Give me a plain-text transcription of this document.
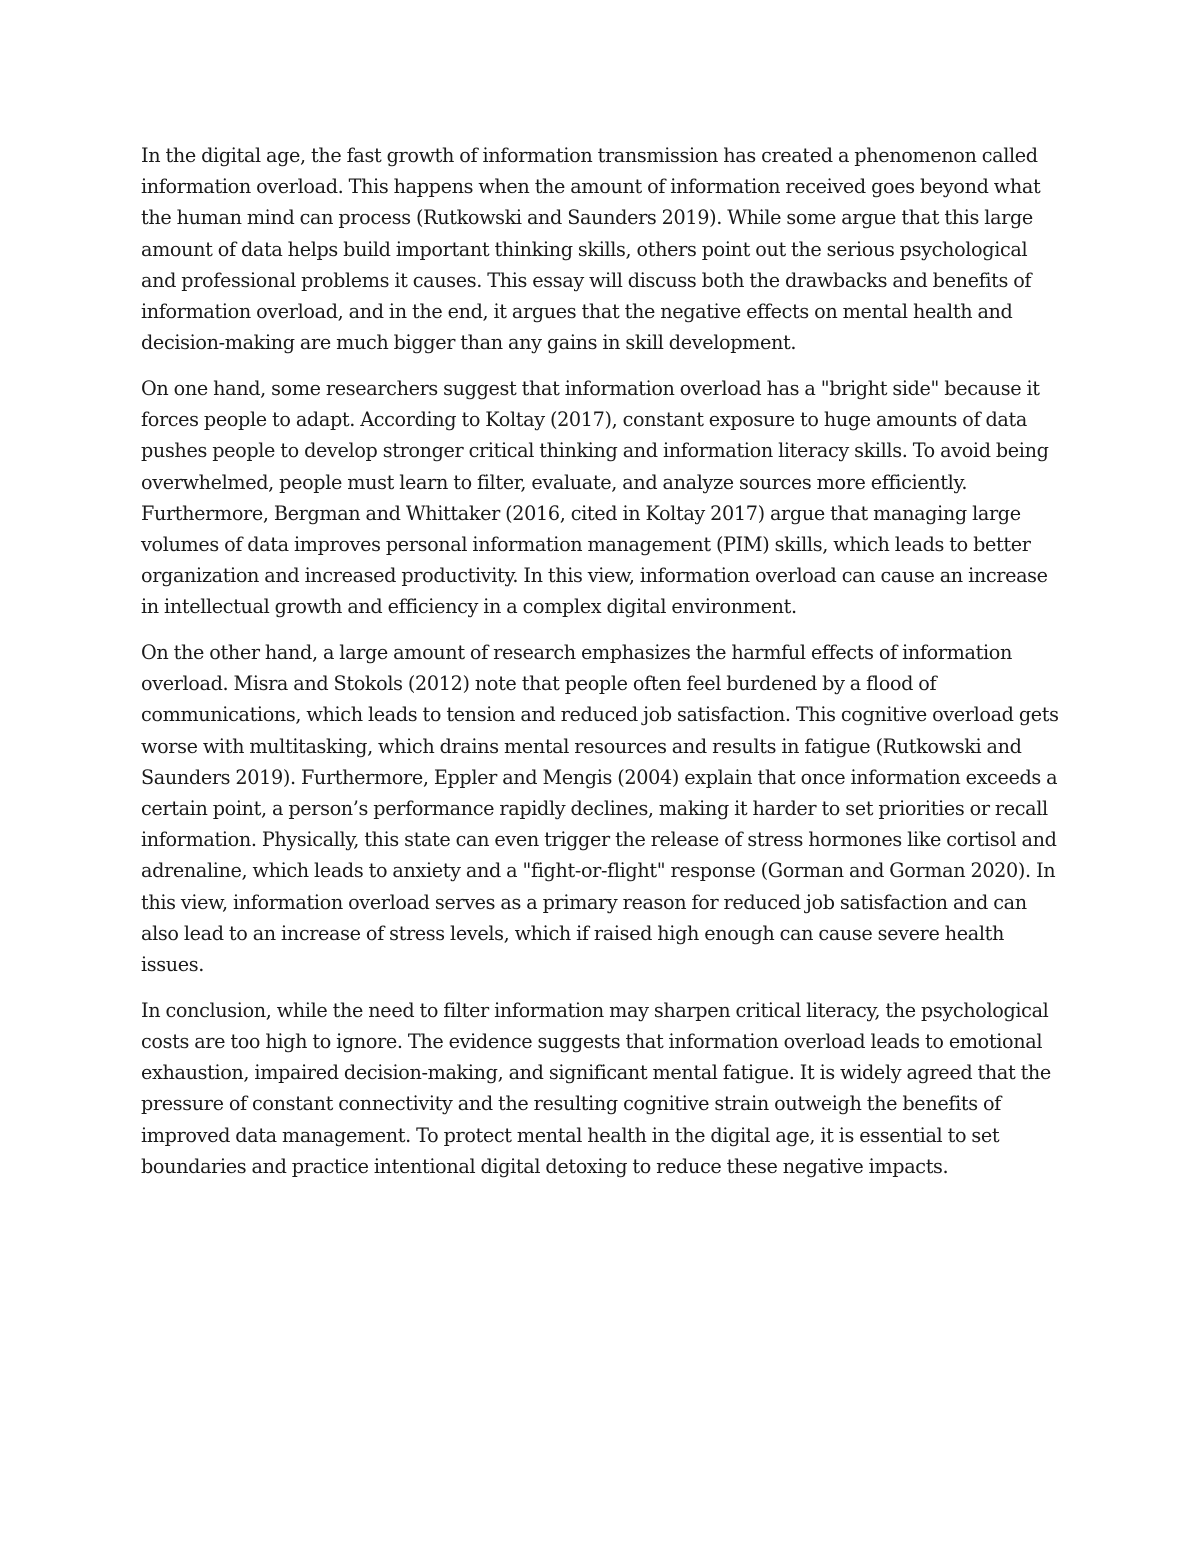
In the digital age, the fast growth of information transmission has created a phenomenon called information overload. This happens when the amount of information received goes beyond what the human mind can process (Rutkowski and Saunders 2019). While some argue that this large amount of data helps build important thinking skills, others point out the serious psychological and professional problems it causes. This essay will discuss both the drawbacks and benefits of information overload, and in the end, it argues that the negative effects on mental health and decision-making are much bigger than any gains in skill development.

On one hand, some researchers suggest that information overload has a "bright side" because it forces people to adapt. According to Koltay (2017), constant exposure to huge amounts of data pushes people to develop stronger critical thinking and information literacy skills. To avoid being overwhelmed, people must learn to filter, evaluate, and analyze sources more efficiently. Furthermore, Bergman and Whittaker (2016, cited in Koltay 2017) argue that managing large volumes of data improves personal information management (PIM) skills, which leads to better organization and increased productivity. In this view, information overload can cause an increase in intellectual growth and efficiency in a complex digital environment.

On the other hand, a large amount of research emphasizes the harmful effects of information overload. Misra and Stokols (2012) note that people often feel burdened by a flood of communications, which leads to tension and reduced job satisfaction. This cognitive overload gets worse with multitasking, which drains mental resources and results in fatigue (Rutkowski and Saunders 2019). Furthermore, Eppler and Mengis (2004) explain that once information exceeds a certain point, a person’s performance rapidly declines, making it harder to set priorities or recall information. Physically, this state can even trigger the release of stress hormones like cortisol and adrenaline, which leads to anxiety and a "fight-or-flight" response (Gorman and Gorman 2020). In this view, information overload serves as a primary reason for reduced job satisfaction and can also lead to an increase of stress levels, which if raised high enough can cause severe health issues.

In conclusion, while the need to filter information may sharpen critical literacy, the psychological costs are too high to ignore. The evidence suggests that information overload leads to emotional exhaustion, impaired decision-making, and significant mental fatigue. It is widely agreed that the pressure of constant connectivity and the resulting cognitive strain outweigh the benefits of improved data management. To protect mental health in the digital age, it is essential to set boundaries and practice intentional digital detoxing to reduce these negative impacts.
